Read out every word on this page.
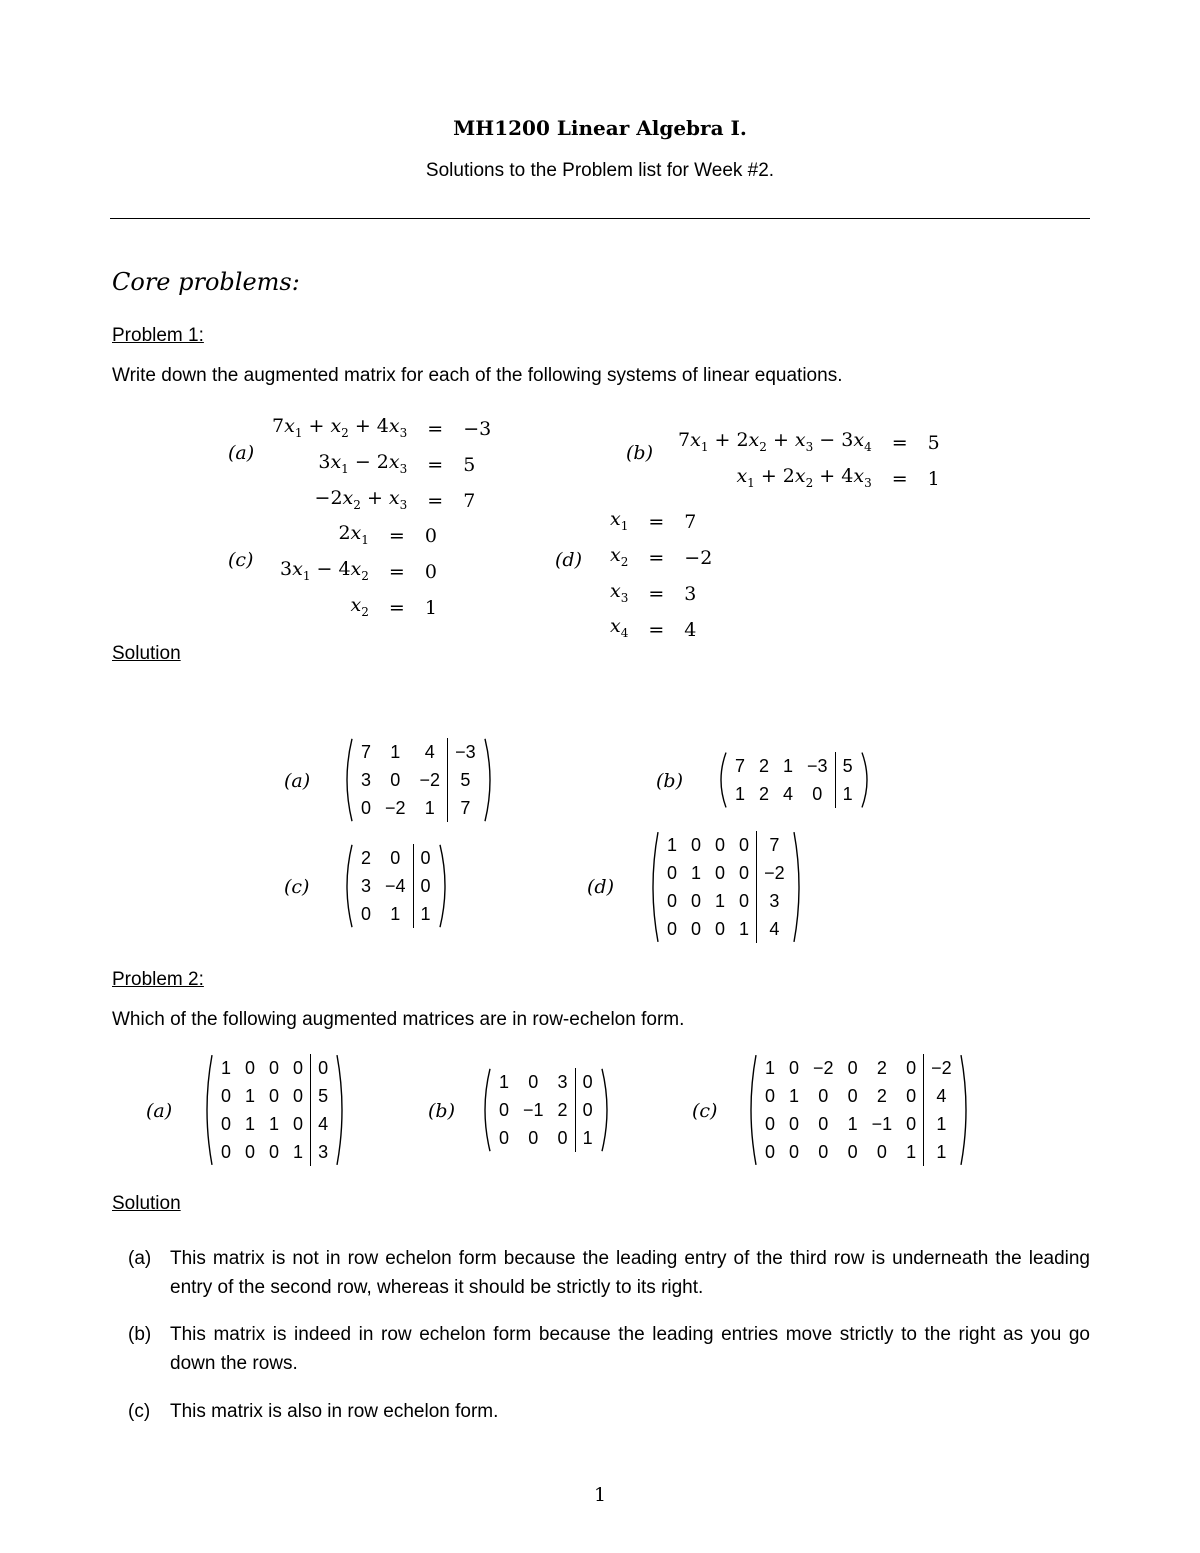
MH1200 Linear Algebra I.
Solutions to the Problem list for Week #2.
Core problems:
Problem 1:
Write down the augmented matrix for each of the following systems of linear equations.
(a)
$7x_1 + x_2 + 4x_3$	=	−3
$3x_1 - 2x_3$	=	5
$-2x_2 + x_3$	=	7
(b)
$7x_1 + 2x_2 + x_3 - 3x_4$	=	5
$x_1 + 2x_2 + 4x_3$	=	1
(c)
$2x_1$	=	0
$3x_1 - 4x_2$	=	0
$x_2$	=	1
(d)
$x_1$	=	7
$x_2$	=	−2
$x_3$	=	3
$x_4$	=	4
Solution
(a)
7	1	4	−3
3	0	−2	5
0	−2	1	7
(b)
7	2	1	−3	5
1	2	4	0	1
(c)
2	0	0
3	−4	0
0	1	1
(d)
1	0	0	0	7
0	1	0	0	−2
0	0	1	0	3
0	0	0	1	4
Problem 2:
Which of the following augmented matrices are in row-echelon form.
(a)
1	0	0	0	0
0	1	0	0	5
0	1	1	0	4
0	0	0	1	3
(b)
1	0	3	0
0	−1	2	0
0	0	0	1
(c)
1	0	−2	0	2	0	−2
0	1	0	0	2	0	4
0	0	0	1	−1	0	1
0	0	0	0	0	1	1
Solution
(a) This matrix is not in row echelon form because the leading entry of the third row is underneath the leading entry of the second row, whereas it should be strictly to its right.
(b) This matrix is indeed in row echelon form because the leading entries move strictly to the right as you go down the rows.
(c) This matrix is also in row echelon form.
1
